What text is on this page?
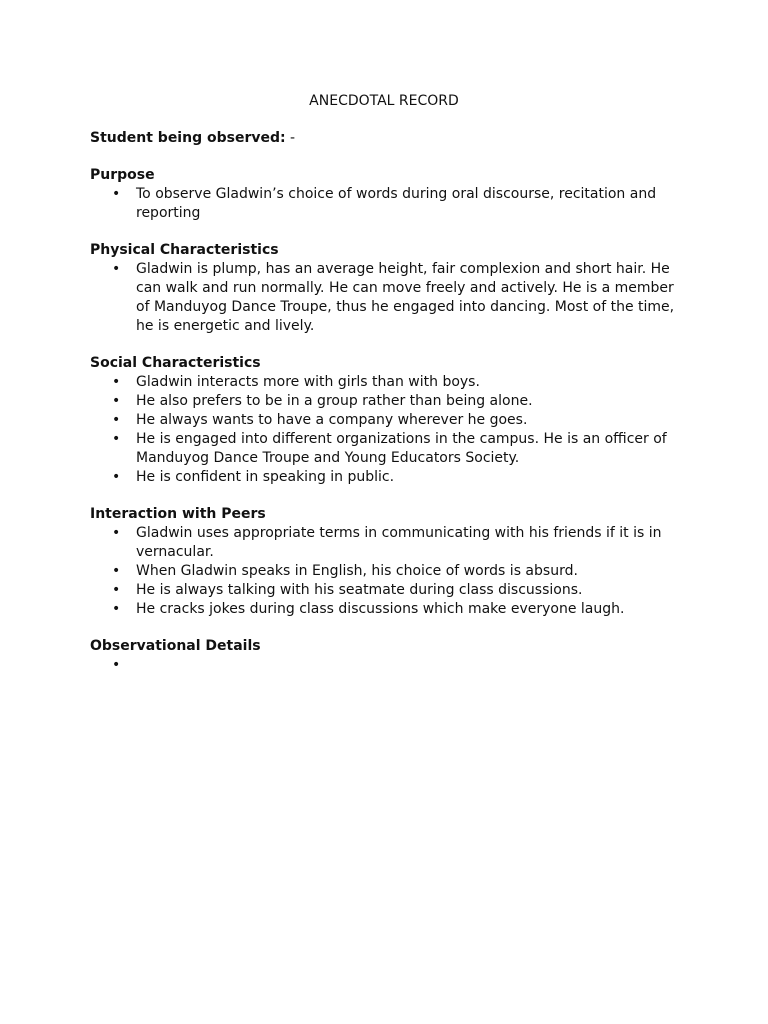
ANECDOTAL RECORD
Student being observed: -
Purpose
• To observe Gladwin’s choice of words during oral discourse, recitation and reporting
Physical Characteristics
• Gladwin is plump, has an average height, fair complexion and short hair. He can walk and run normally. He can move freely and actively. He is a member of Manduyog Dance Troupe, thus he engaged into dancing. Most of the time, he is energetic and lively.
Social Characteristics
• Gladwin interacts more with girls than with boys.
• He also prefers to be in a group rather than being alone.
• He always wants to have a company wherever he goes.
• He is engaged into different organizations in the campus. He is an officer of Manduyog Dance Troupe and Young Educators Society.
• He is confident in speaking in public.
Interaction with Peers
• Gladwin uses appropriate terms in communicating with his friends if it is in vernacular.
• When Gladwin speaks in English, his choice of words is absurd.
• He is always talking with his seatmate during class discussions.
• He cracks jokes during class discussions which make everyone laugh.
Observational Details
•
